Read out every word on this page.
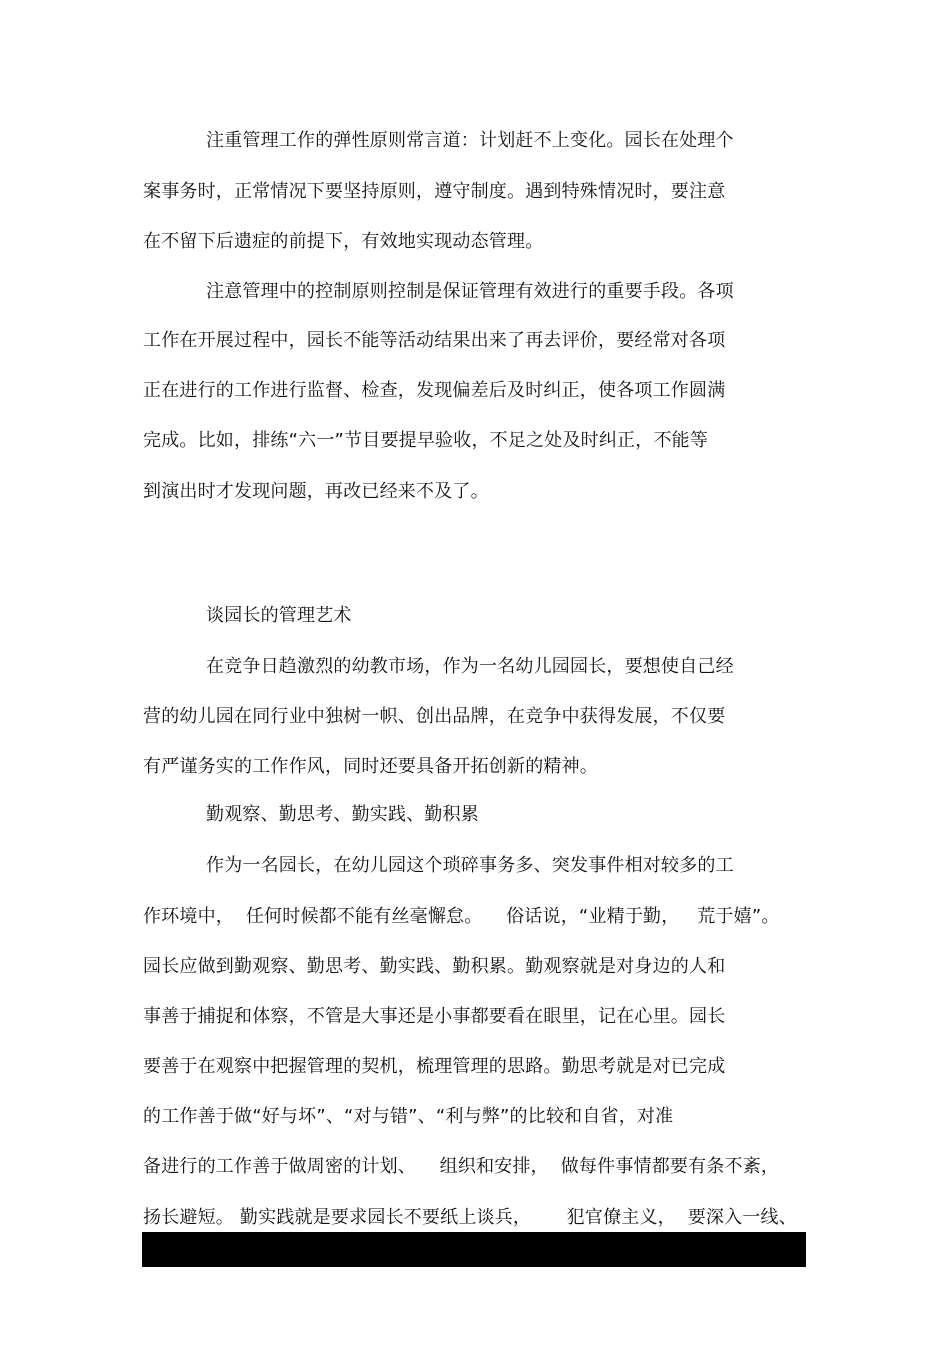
注重管理工作的弹性原则常言道：计划赶不上变化。园长在处理个
案事务时，正常情况下要坚持原则，遵守制度。遇到特殊情况时，要注意
在不留下后遗症的前提下，有效地实现动态管理。
注意管理中的控制原则控制是保证管理有效进行的重要手段。各项
工作在开展过程中，园长不能等活动结果出来了再去评价，要经常对各项
正在进行的工作进行监督、检查，发现偏差后及时纠正，使各项工作圆满
完成。比如，排练“六一”节目要提早验收，不足之处及时纠正，不能等
到演出时才发现问题，再改已经来不及了。
谈园长的管理艺术
在竞争日趋激烈的幼教市场，作为一名幼儿园园长，要想使自己经
营的幼儿园在同行业中独树一帜、创出品牌，在竞争中获得发展，不仅要
有严谨务实的工作作风，同时还要具备开拓创新的精神。
勤观察、勤思考、勤实践、勤积累
作为一名园长，在幼儿园这个琐碎事务多、突发事件相对较多的工
作环境中，  任何时候都不能有丝毫懈怠。    俗话说，“业精于勤，   荒于嬉”。
园长应做到勤观察、勤思考、勤实践、勤积累。勤观察就是对身边的人和
事善于捕捉和体察，不管是大事还是小事都要看在眼里，记在心里。园长
要善于在观察中把握管理的契机，梳理管理的思路。勤思考就是对已完成
的工作善于做“好与坏”、“对与错”、“利与弊”的比较和自省，对准
备进行的工作善于做周密的计划、    组织和安排，  做每件事情都要有条不紊，
扬长避短。 勤实践就是要求园长不要纸上谈兵，      犯官僚主义，  要深入一线、
